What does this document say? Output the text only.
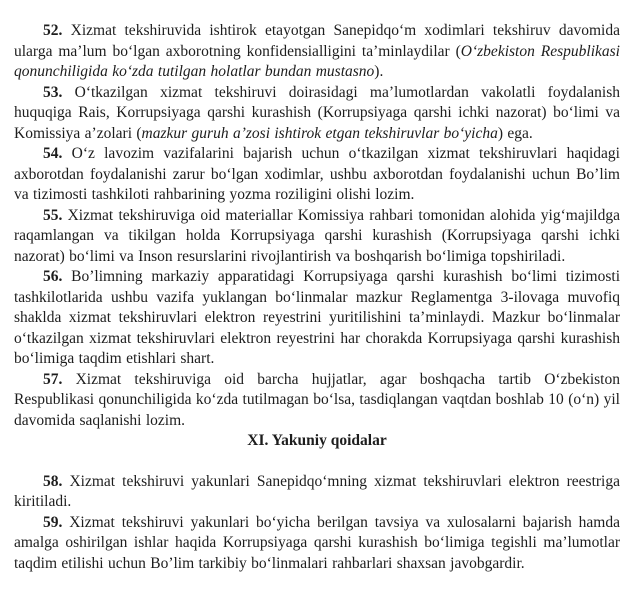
52. Xizmat tekshiruvida ishtirok etayotgan Sanepidqoʻm xodimlari tekshiruv davomida ularga ma’lum boʻlgan axborotning konfidensialligini ta’minlaydilar (Oʻzbekiston Respublikasi qonunchiligida koʻzda tutilgan holatlar bundan mustasno).

53. Oʻtkazilgan xizmat tekshiruvi doirasidagi ma’lumotlardan vakolatli foydalanish huquqiga Rais, Korrupsiyaga qarshi kurashish (Korrupsiyaga qarshi ichki nazorat) boʻlimi va Komissiya a’zolari (mazkur guruh a’zosi ishtirok etgan tekshiruvlar boʻyicha) ega.

54. Oʻz lavozim vazifalarini bajarish uchun oʻtkazilgan xizmat tekshiruvlari haqidagi axborotdan foydalanishi zarur boʻlgan xodimlar, ushbu axborotdan foydalanishi uchun Bo’lim va tizimosti tashkiloti rahbarining yozma roziligini olishi lozim.

55. Xizmat tekshiruviga oid materiallar Komissiya rahbari tomonidan alohida yigʻmajildga raqamlangan va tikilgan holda Korrupsiyaga qarshi kurashish (Korrupsiyaga qarshi ichki nazorat) boʻlimi va Inson resurslarini rivojlantirish va boshqarish boʻlimiga topshiriladi.

56. Bo’limning markaziy apparatidagi Korrupsiyaga qarshi kurashish boʻlimi tizimosti tashkilotlarida ushbu vazifa yuklangan boʻlinmalar mazkur Reglamentga 3-ilovaga muvofiq shaklda xizmat tekshiruvlari elektron reyestrini yuritilishini ta’minlaydi. Mazkur boʻlinmalar oʻtkazilgan xizmat tekshiruvlari elektron reyestrini har chorakda Korrupsiyaga qarshi kurashish boʻlimiga taqdim etishlari shart.

57. Xizmat tekshiruviga oid barcha hujjatlar, agar boshqacha tartib Oʻzbekiston Respublikasi qonunchiligida koʻzda tutilmagan boʻlsa, tasdiqlangan vaqtdan boshlab 10 (oʻn) yil davomida saqlanishi lozim.

XI. Yakuniy qoidalar

58. Xizmat tekshiruvi yakunlari Sanepidqoʻmning xizmat tekshiruvlari elektron reestriga kiritiladi.

59. Xizmat tekshiruvi yakunlari boʻyicha berilgan tavsiya va xulosalarni bajarish hamda amalga oshirilgan ishlar haqida Korrupsiyaga qarshi kurashish boʻlimiga tegishli ma’lumotlar taqdim etilishi uchun Bo’lim tarkibiy boʻlinmalari rahbarlari shaxsan javobgardir.
